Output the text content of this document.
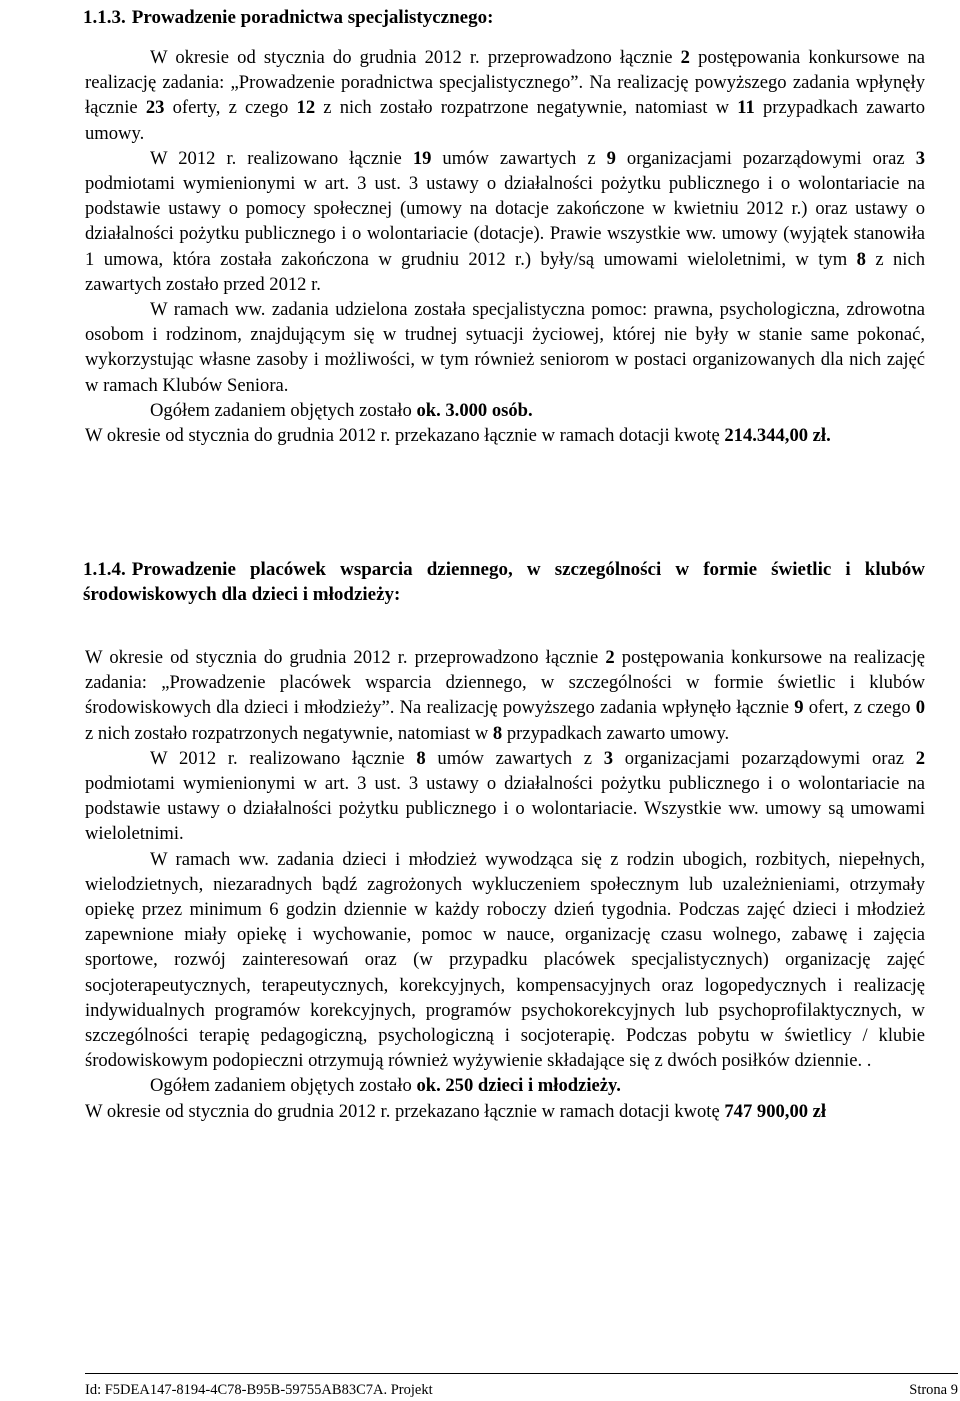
1.1.3. Prowadzenie poradnictwa specjalistycznego:

W okresie od stycznia do grudnia 2012 r. przeprowadzono łącznie 2 postępowania konkursowe na realizację zadania: „Prowadzenie poradnictwa specjalistycznego”. Na realizację powyższego zadania wpłynęły łącznie 23 oferty, z czego 12 z nich zostało rozpatrzone negatywnie, natomiast w 11 przypadkach zawarto umowy.

W 2012 r. realizowano łącznie 19 umów zawartych z 9 organizacjami pozarządowymi oraz 3 podmiotami wymienionymi w art. 3 ust. 3 ustawy o działalności pożytku publicznego i o wolontariacie na podstawie ustawy o pomocy społecznej (umowy na dotacje zakończone w kwietniu 2012 r.) oraz ustawy o działalności pożytku publicznego i o wolontariacie (dotacje). Prawie wszystkie ww. umowy (wyjątek stanowiła 1 umowa, która została zakończona w grudniu 2012 r.) były/są umowami wieloletnimi, w tym 8 z nich zawartych zostało przed 2012 r.

W ramach ww. zadania udzielona została specjalistyczna pomoc: prawna, psychologiczna, zdrowotna osobom i rodzinom, znajdującym się w trudnej sytuacji życiowej, której nie były w stanie same pokonać, wykorzystując własne zasoby i możliwości, w tym również seniorom w postaci organizowanych dla nich zajęć w ramach Klubów Seniora.

Ogółem zadaniem objętych zostało ok. 3.000 osób.

W okresie od stycznia do grudnia 2012 r. przekazano łącznie w ramach dotacji kwotę 214.344,00 zł.

1.1.4. Prowadzenie placówek wsparcia dziennego, w szczególności w formie świetlic i klubów środowiskowych dla dzieci i młodzieży:

W okresie od stycznia do grudnia 2012 r. przeprowadzono łącznie 2 postępowania konkursowe na realizację zadania: „Prowadzenie placówek wsparcia dziennego, w szczególności w formie świetlic i klubów środowiskowych dla dzieci i młodzieży”. Na realizację powyższego zadania wpłynęło łącznie 9 ofert, z czego 0 z nich zostało rozpatrzonych negatywnie, natomiast w 8 przypadkach zawarto umowy.

W 2012 r. realizowano łącznie 8 umów zawartych z 3 organizacjami pozarządowymi oraz 2 podmiotami wymienionymi w art. 3 ust. 3 ustawy o działalności pożytku publicznego i o wolontariacie na podstawie ustawy o działalności pożytku publicznego i o wolontariacie. Wszystkie ww. umowy są umowami wieloletnimi.

W ramach ww. zadania dzieci i młodzież wywodząca się z rodzin ubogich, rozbitych, niepełnych, wielodzietnych, niezaradnych bądź zagrożonych wykluczeniem społecznym lub uzależnieniami, otrzymały opiekę przez minimum 6 godzin dziennie w każdy roboczy dzień tygodnia. Podczas zajęć dzieci i młodzież zapewnione miały opiekę i wychowanie, pomoc w nauce, organizację czasu wolnego, zabawę i zajęcia sportowe, rozwój zainteresowań oraz (w przypadku placówek specjalistycznych) organizację zajęć socjoterapeutycznych, terapeutycznych, korekcyjnych, kompensacyjnych oraz logopedycznych i realizację indywidualnych programów korekcyjnych, programów psychokorekcyjnych lub psychoprofilaktycznych, w szczególności terapię pedagogiczną, psychologiczną i socjoterapię. Podczas pobytu w świetlicy / klubie środowiskowym podopieczni otrzymują również wyżywienie składające się z dwóch posiłków dziennie. .

Ogółem zadaniem objętych zostało ok. 250 dzieci i młodzieży.

W okresie od stycznia do grudnia 2012 r. przekazano łącznie w ramach dotacji kwotę 747 900,00 zł

Id: F5DEA147-8194-4C78-B95B-59755AB83C7A. Projekt	Strona 9
